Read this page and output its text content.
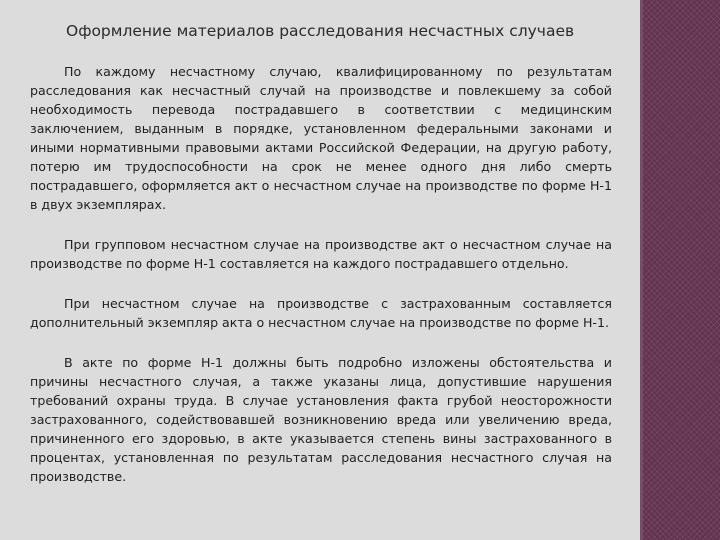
Оформление материалов расследования несчастных случаев

По каждому несчастному случаю, квалифицированному по результатам расследования как несчастный случай на производстве и повлекшему за собой необходимость перевода пострадавшего в соответствии с медицинским заключением, выданным в порядке, установленном федеральными законами и иными нормативными правовыми актами Российской Федерации, на другую работу, потерю им трудоспособности на срок не менее одного дня либо смерть пострадавшего, оформляется акт о несчастном случае на производстве по форме Н-1 в двух экземплярах.

При групповом несчастном случае на производстве акт о несчастном случае на производстве по форме Н-1 составляется на каждого пострадавшего отдельно.

При несчастном случае на производстве с застрахованным составляется дополнительный экземпляр акта о несчастном случае на производстве по форме Н-1.

В акте по форме Н-1 должны быть подробно изложены обстоятельства и причины несчастного случая, а также указаны лица, допустившие нарушения требований охраны труда. В случае установления факта грубой неосторожности застрахованного, содействовавшей возникновению вреда или увеличению вреда, причиненного его здоровью, в акте указывается степень вины застрахованного в процентах, установленная по результатам расследования несчастного случая на производстве.
